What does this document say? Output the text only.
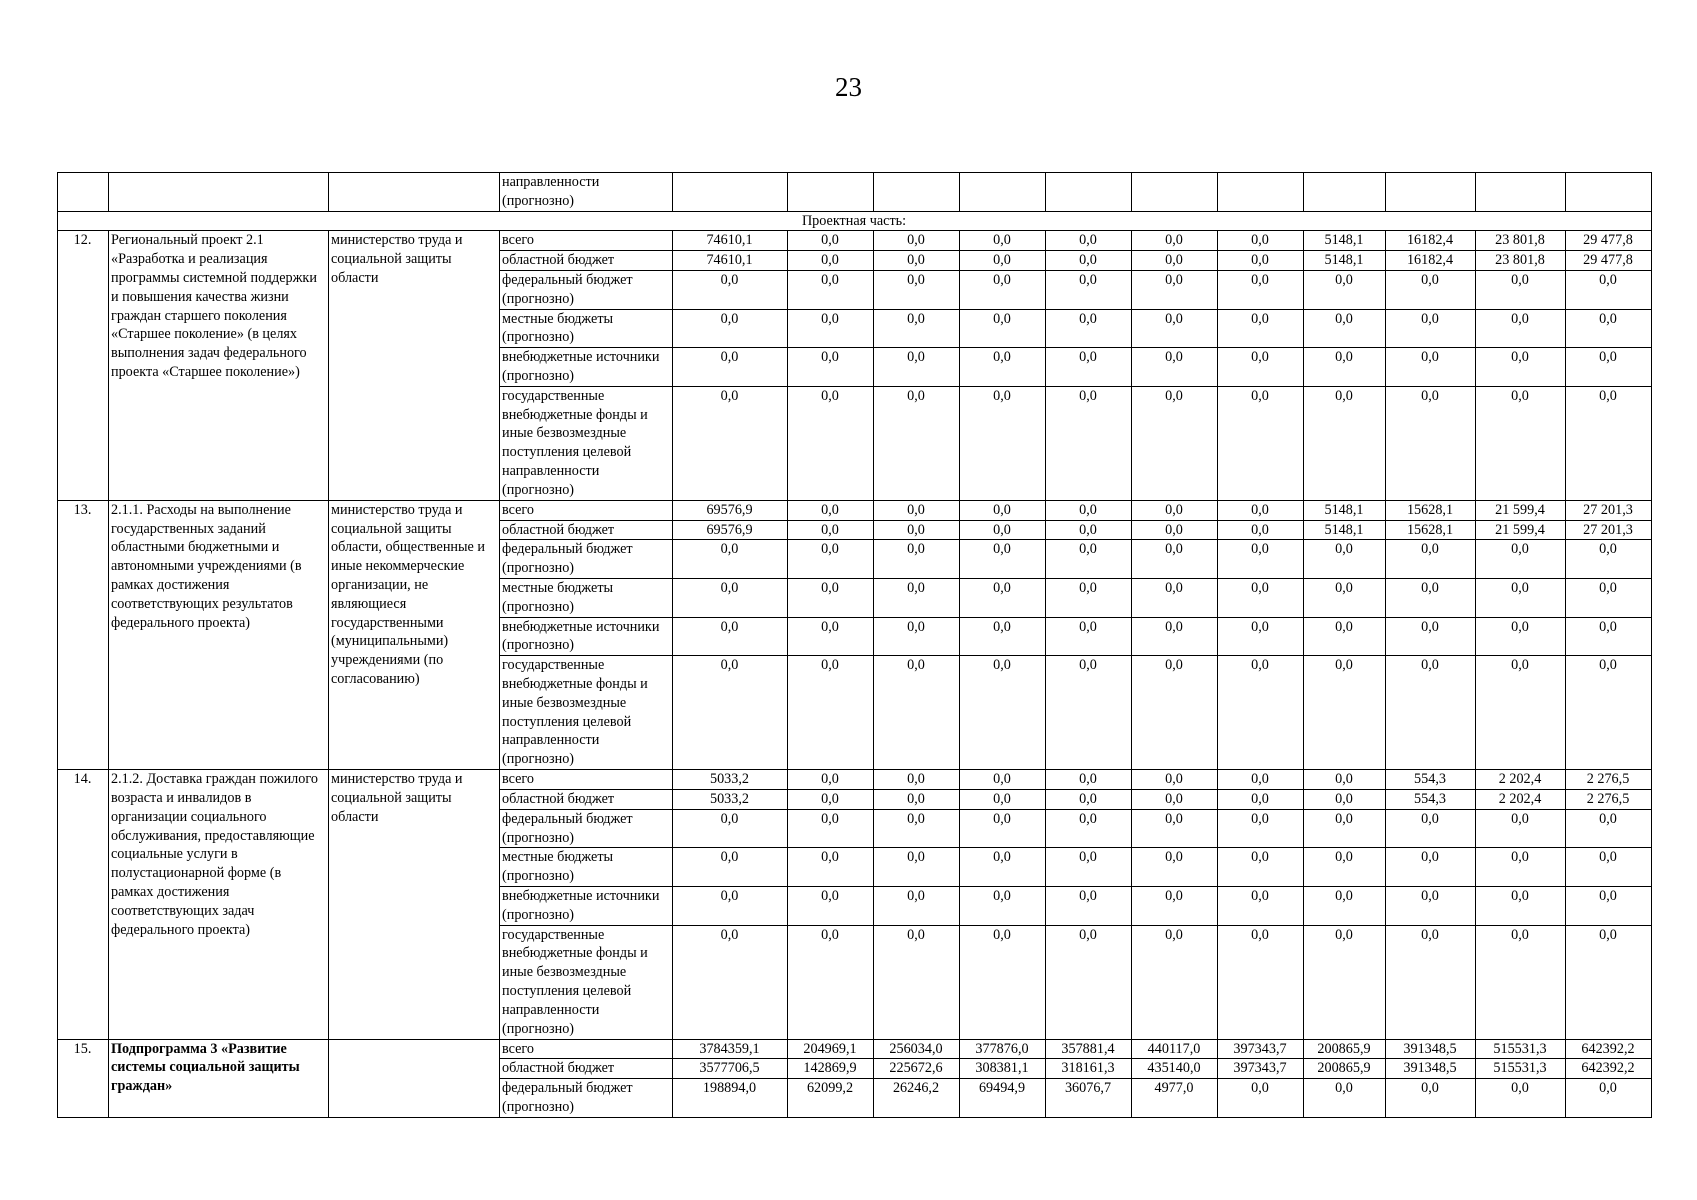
23
			направленности (прогнозно)											
Проектная часть:														
12.	Региональный проект 2.1 «Разработка и реализация программы системной поддержки и повышения качества жизни граждан старшего поколения «Старшее поколение» (в целях выполнения задач федерального проекта «Старшее поколение»)	министерство труда и социальной защиты области	всего	74610,1	0,0	0,0	0,0	0,0	0,0	0,0	5148,1	16182,4	23 801,8	29 477,8
			областной бюджет	74610,1	0,0	0,0	0,0	0,0	0,0	0,0	5148,1	16182,4	23 801,8	29 477,8
			федеральный бюджет (прогнозно)	0,0	0,0	0,0	0,0	0,0	0,0	0,0	0,0	0,0	0,0	0,0
			местные бюджеты (прогнозно)	0,0	0,0	0,0	0,0	0,0	0,0	0,0	0,0	0,0	0,0	0,0
			внебюджетные источники (прогнозно)	0,0	0,0	0,0	0,0	0,0	0,0	0,0	0,0	0,0	0,0	0,0
			государственные внебюджетные фонды и иные безвозмездные поступления целевой направленности (прогнозно)	0,0	0,0	0,0	0,0	0,0	0,0	0,0	0,0	0,0	0,0	0,0
13.	2.1.1. Расходы на выполнение государственных заданий областными бюджетными и автономными учреждениями (в рамках достижения соответствующих результатов федерального проекта)	министерство труда и социальной защиты области, общественные и иные некоммерческие организации, не являющиеся государственными (муниципальными) учреждениями (по согласованию)	всего	69576,9	0,0	0,0	0,0	0,0	0,0	0,0	5148,1	15628,1	21 599,4	27 201,3
			областной бюджет	69576,9	0,0	0,0	0,0	0,0	0,0	0,0	5148,1	15628,1	21 599,4	27 201,3
			федеральный бюджет (прогнозно)	0,0	0,0	0,0	0,0	0,0	0,0	0,0	0,0	0,0	0,0	0,0
			местные бюджеты (прогнозно)	0,0	0,0	0,0	0,0	0,0	0,0	0,0	0,0	0,0	0,0	0,0
			внебюджетные источники (прогнозно)	0,0	0,0	0,0	0,0	0,0	0,0	0,0	0,0	0,0	0,0	0,0
			государственные внебюджетные фонды и иные безвозмездные поступления целевой направленности (прогнозно)	0,0	0,0	0,0	0,0	0,0	0,0	0,0	0,0	0,0	0,0	0,0
14.	2.1.2. Доставка граждан пожилого возраста и инвалидов в организации социального обслуживания, предоставляющие социальные услуги в полустационарной форме (в рамках достижения соответствующих задач федерального проекта)	министерство труда и социальной защиты области	всего	5033,2	0,0	0,0	0,0	0,0	0,0	0,0	0,0	554,3	2 202,4	2 276,5
			областной бюджет	5033,2	0,0	0,0	0,0	0,0	0,0	0,0	0,0	554,3	2 202,4	2 276,5
			федеральный бюджет (прогнозно)	0,0	0,0	0,0	0,0	0,0	0,0	0,0	0,0	0,0	0,0	0,0
			местные бюджеты (прогнозно)	0,0	0,0	0,0	0,0	0,0	0,0	0,0	0,0	0,0	0,0	0,0
			внебюджетные источники (прогнозно)	0,0	0,0	0,0	0,0	0,0	0,0	0,0	0,0	0,0	0,0	0,0
			государственные внебюджетные фонды и иные безвозмездные поступления целевой направленности (прогнозно)	0,0	0,0	0,0	0,0	0,0	0,0	0,0	0,0	0,0	0,0	0,0
15.	Подпрограмма 3 «Развитие системы социальной защиты граждан»		всего	3784359,1	204969,1	256034,0	377876,0	357881,4	440117,0	397343,7	200865,9	391348,5	515531,3	642392,2
			областной бюджет	3577706,5	142869,9	225672,6	308381,1	318161,3	435140,0	397343,7	200865,9	391348,5	515531,3	642392,2
			федеральный бюджет (прогнозно)	198894,0	62099,2	26246,2	69494,9	36076,7	4977,0	0,0	0,0	0,0	0,0	0,0
